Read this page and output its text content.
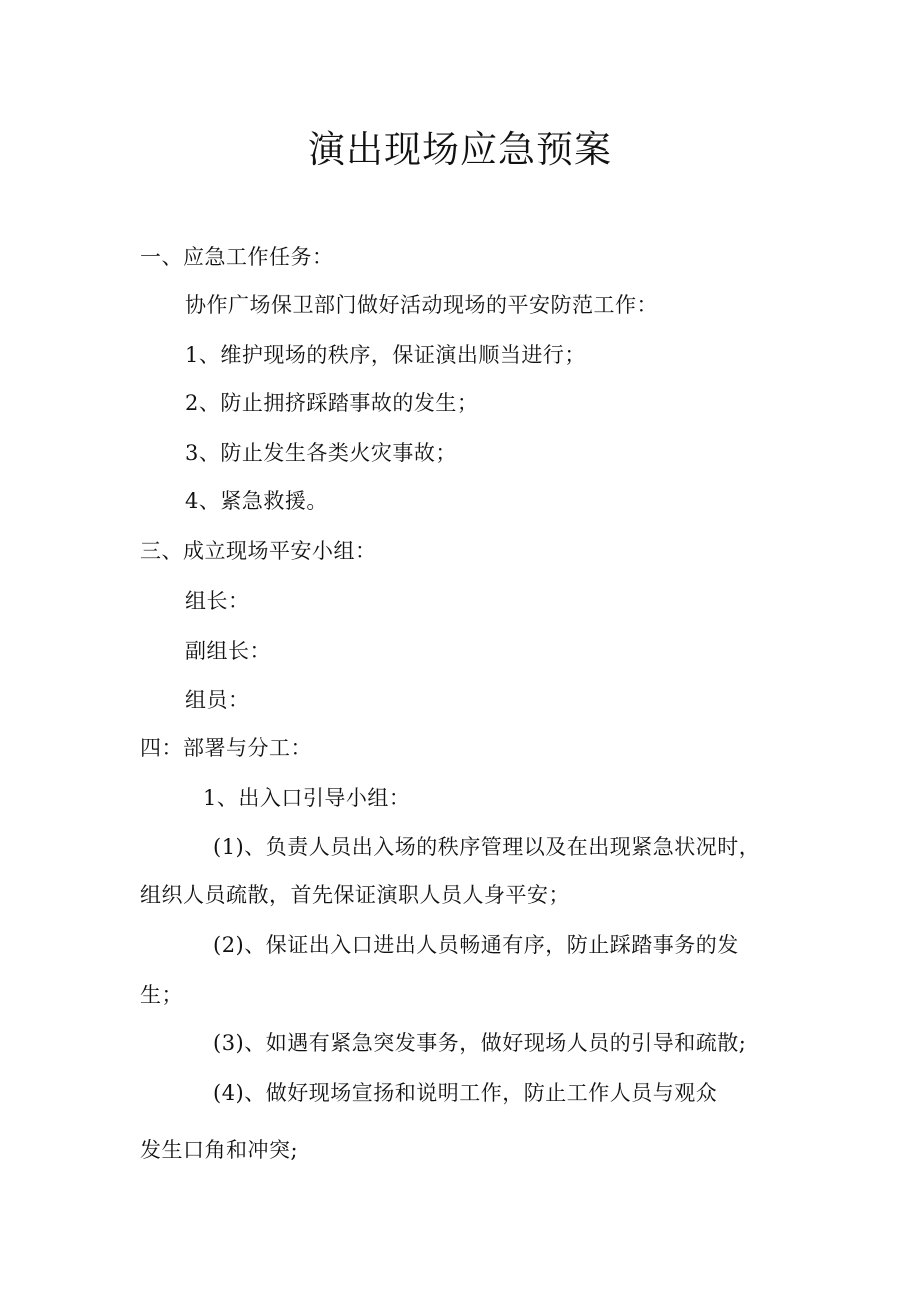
演出现场应急预案
一、应急工作任务：
协作广场保卫部门做好活动现场的平安防范工作：
1、维护现场的秩序，保证演出顺当进行；
2、防止拥挤踩踏事故的发生；
3、防止发生各类火灾事故；
4、紧急救援。
三、成立现场平安小组：
组长：
副组长：
组员：
四：部署与分工：
1、出入口引导小组：
(1)、负责人员出入场的秩序管理以及在出现紧急状况时，
组织人员疏散，首先保证演职人员人身平安；
(2)、保证出入口进出人员畅通有序，防止踩踏事务的发
生；
(3)、如遇有紧急突发事务，做好现场人员的引导和疏散;
(4)、做好现场宣扬和说明工作，防止工作人员与观众
发生口角和冲突;
